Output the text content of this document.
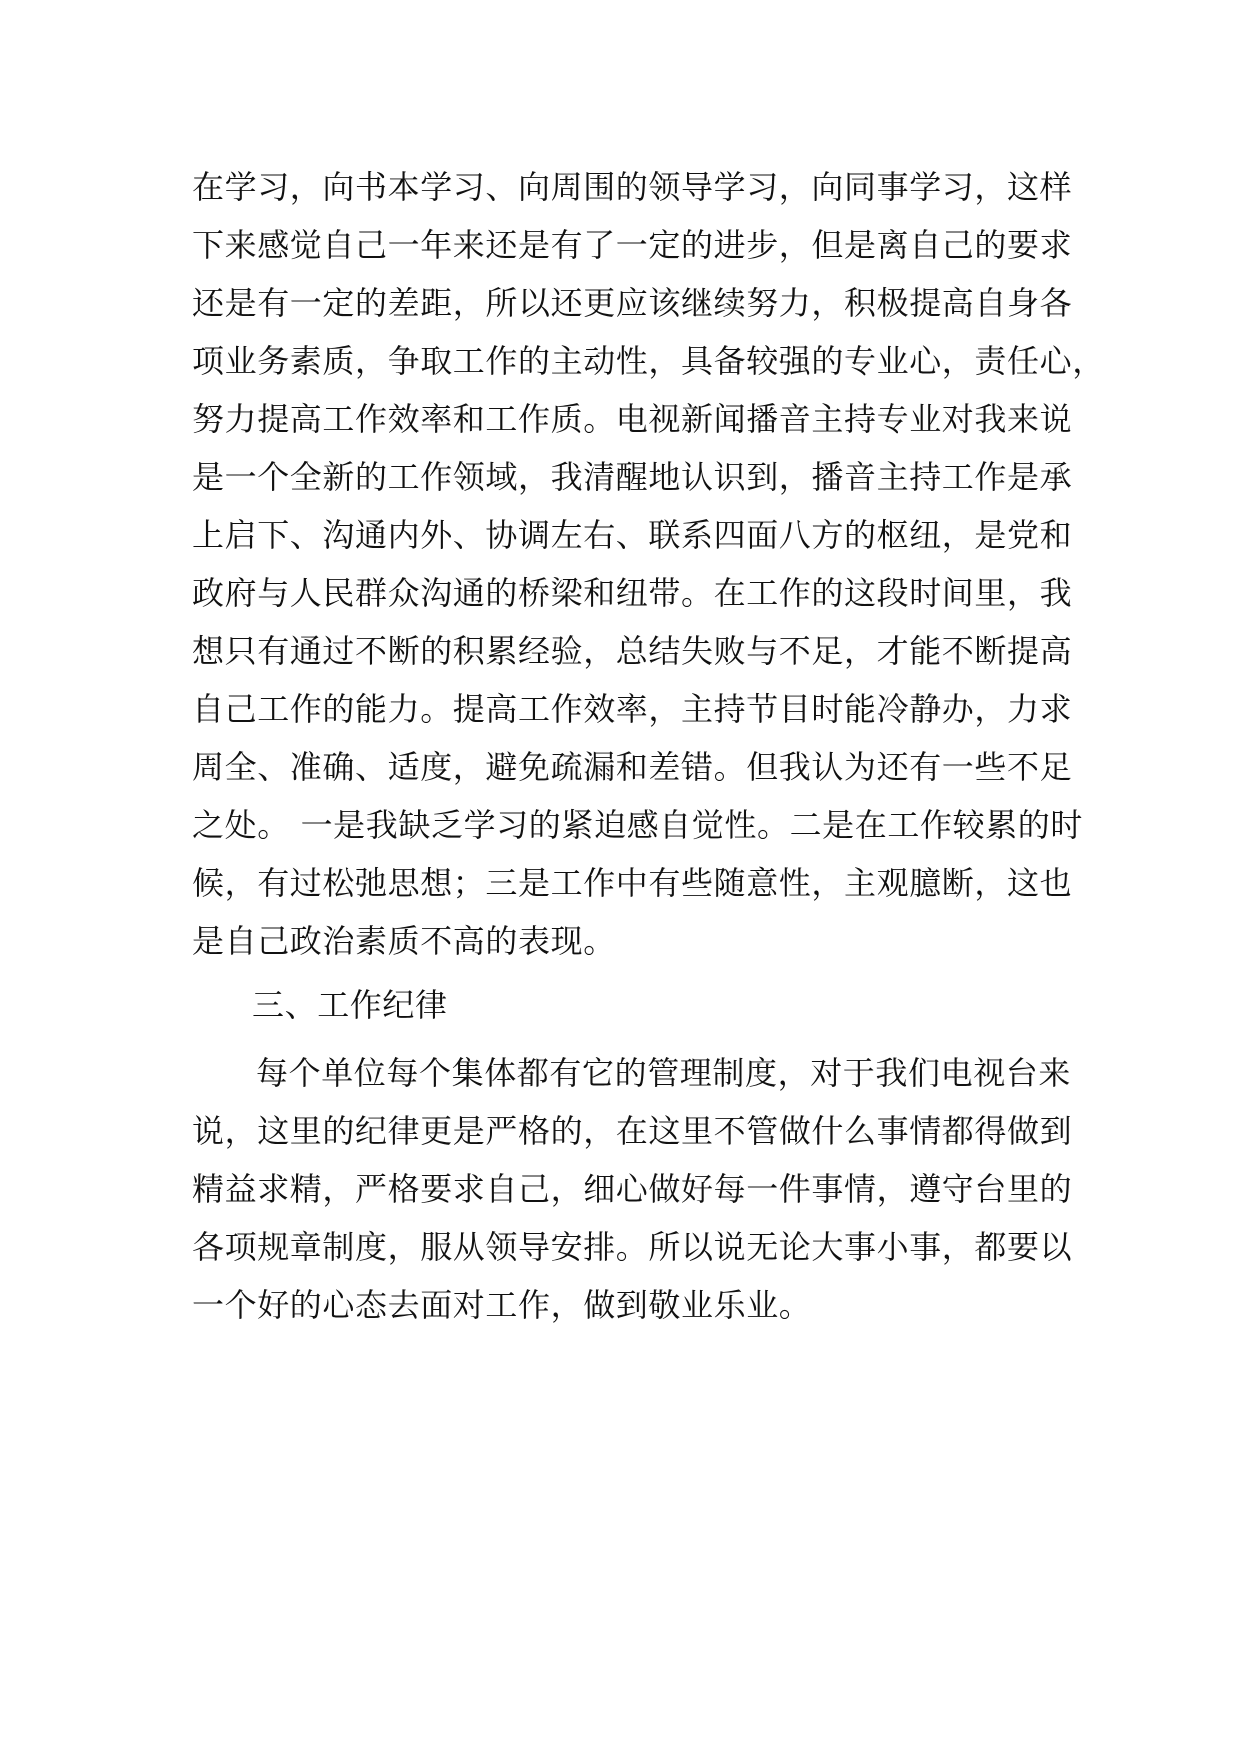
在学习，向书本学习、向周围的领导学习，向同事学习，这样
下来感觉自己一年来还是有了一定的进步，但是离自己的要求
还是有一定的差距，所以还更应该继续努力，积极提高自身各
项业务素质，争取工作的主动性，具备较强的专业心，责任心，
努力提高工作效率和工作质。电视新闻播音主持专业对我来说
是一个全新的工作领域，我清醒地认识到，播音主持工作是承
上启下、沟通内外、协调左右、联系四面八方的枢纽，是党和
政府与人民群众沟通的桥梁和纽带。在工作的这段时间里，我
想只有通过不断的积累经验，总结失败与不足，才能不断提高
自己工作的能力。提高工作效率，主持节目时能冷静办，力求
周全、准确、适度，避免疏漏和差错。但我认为还有一些不足
之处。 一是我缺乏学习的紧迫感自觉性。二是在工作较累的时
候，有过松弛思想；三是工作中有些随意性，主观臆断，这也
是自己政治素质不高的表现。
三、工作纪律
每个单位每个集体都有它的管理制度，对于我们电视台来
说，这里的纪律更是严格的，在这里不管做什么事情都得做到
精益求精，严格要求自己，细心做好每一件事情，遵守台里的
各项规章制度，服从领导安排。所以说无论大事小事，都要以
一个好的心态去面对工作，做到敬业乐业。
